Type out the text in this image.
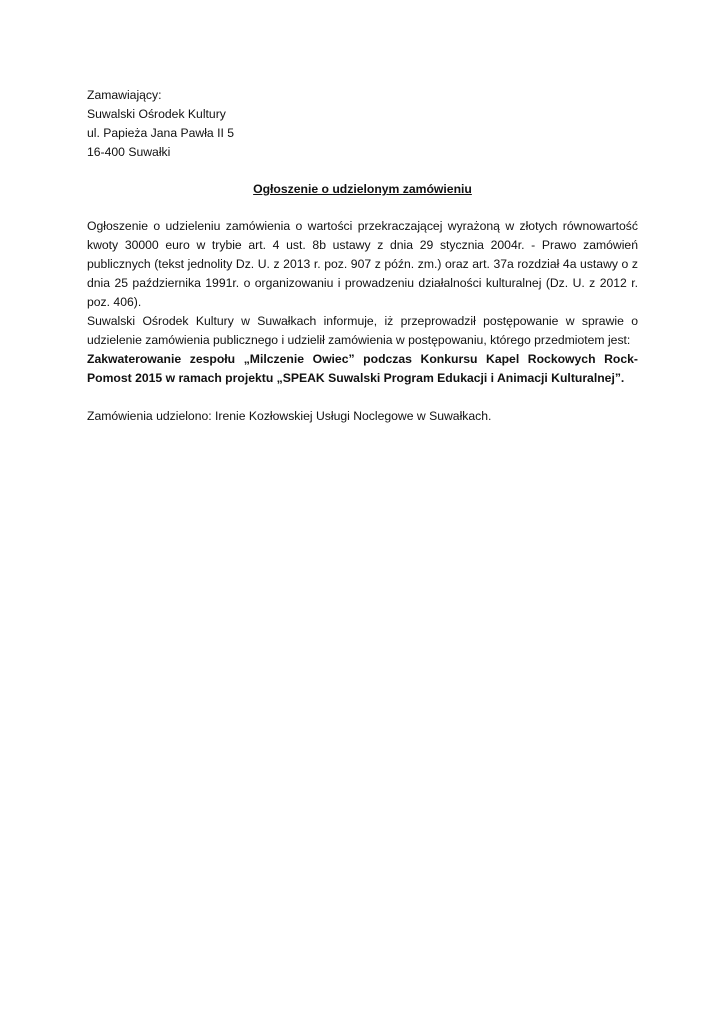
Zamawiający:
Suwalski Ośrodek Kultury
ul. Papieża Jana Pawła II 5
16-400 Suwałki
Ogłoszenie o udzielonym zamówieniu

Ogłoszenie o udzieleniu zamówienia o wartości przekraczającej wyrażoną w złotych równowartość kwoty 30000 euro w trybie art. 4 ust. 8b ustawy z dnia 29 stycznia 2004r. - Prawo zamówień publicznych (tekst jednolity Dz. U. z 2013 r. poz. 907 z późn. zm.) oraz art. 37a rozdział 4a ustawy o z dnia 25 października 1991r. o organizowaniu i prowadzeniu działalności kulturalnej (Dz. U. z 2012 r. poz. 406).

Suwalski Ośrodek Kultury w Suwałkach informuje, iż przeprowadził postępowanie w sprawie o udzielenie zamówienia publicznego i udzielił zamówienia w postępowaniu, którego przedmiotem jest:

Zakwaterowanie zespołu „Milczenie Owiec” podczas Konkursu Kapel Rockowych Rock-Pomost 2015 w ramach projektu „SPEAK Suwalski Program Edukacji i Animacji Kulturalnej”.

Zamówienia udzielono: Irenie Kozłowskiej Usługi Noclegowe w Suwałkach.
